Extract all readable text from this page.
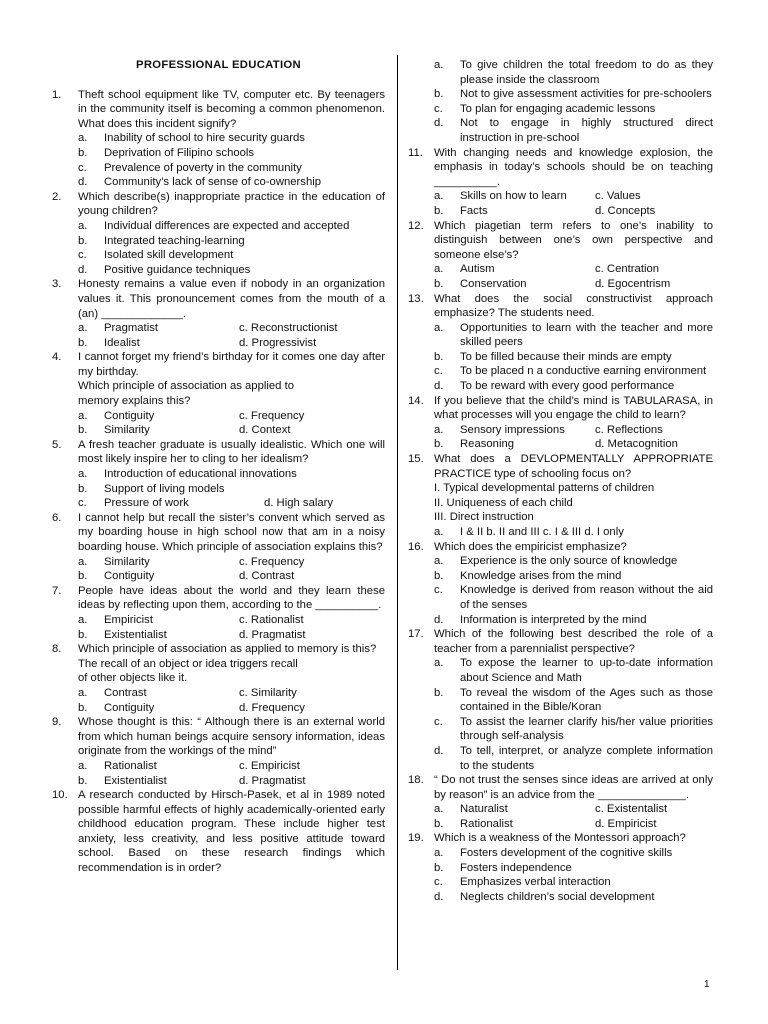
PROFESSIONAL EDUCATION
1.	Theft school equipment like TV, computer etc. By teenagers in the community itself is becoming a common phenomenon. What does this incident signify?
a. Inability of school to hire security guards
b. Deprivation of Filipino schools
c. Prevalence of poverty in the community
d. Community’s lack of sense of co-ownership
2.	Which describe(s) inappropriate practice in the education of young children?
a. Individual differences are expected and accepted
b. Integrated teaching-learning
c. Isolated skill development
d. Positive guidance techniques
3.	Honesty remains a value even if nobody in an organization values it. This pronouncement comes from the mouth of a (an) _____________.
a.	Pragmatist	c. Reconstructionist
b.	Idealist	d. Progressivist
4.	I cannot forget my friend’s birthday for it comes one day after my birthday.
Which principle of association as applied to
memory explains this?
a.	Contiguity	c. Frequency
b.	Similarity	d. Context
5.	A fresh teacher graduate is usually idealistic. Which one will most likely inspire her to cling to her idealism?
a. Introduction of educational innovations
b. Support of living models
c. Pressure of work	d. High salary
6.	I cannot help but recall the sister’s convent which served as my boarding house in high school now that am in a noisy boarding house. Which principle of association explains this?
a.	Similarity	c. Frequency
b.	Contiguity	d. Contrast
7.	People have ideas about the world and they learn these ideas by reflecting upon them, according to the __________.
a.	Empiricist	c. Rationalist
b.	Existentialist	d. Pragmatist
8.	Which principle of association as applied to memory is this?
The recall of an object or idea triggers recall
of other objects like it.
a.	Contrast	c. Similarity
b.	Contiguity	d. Frequency
9.	Whose thought is this: “ Although there is an external world from which human beings acquire sensory information, ideas originate from the workings of the mind”
a.	Rationalist	c. Empiricist
b.	Existentialist	d. Pragmatist
10. A research conducted by Hirsch-Pasek, et al in 1989 noted possible harmful effects of highly academically-oriented early childhood education program. These include higher test anxiety, less creativity, and less positive attitude toward school. Based on these research findings which recommendation is in order?
a. To give children the total freedom to do as they please inside the classroom
b. Not to give assessment activities for pre-schoolers
c. To plan for engaging academic lessons
d. Not to engage in highly structured direct instruction in pre-school
11. With changing needs and knowledge explosion, the emphasis in today’s schools should be on teaching __________.
a.	Skills on how to learn	c. Values
b.	Facts	d. Concepts
12. Which piagetian term refers to one’s inability to distinguish between one’s own perspective and someone else’s?
a.	Autism	c. Centration
b.	Conservation	d. Egocentrism
13. What does the social constructivist approach emphasize? The students need.
a. Opportunities to learn with the teacher and more skilled peers
b. To be filled because their minds are empty
c. To be placed n a conductive earning environment
d. To be reward with every good performance
14. If you believe that the child’s mind is TABULARASA, in what processes will you engage the child to learn?
a.	Sensory impressions	c. Reflections
b.	Reasoning	d. Metacognition
15. What does a DEVLOPMENTALLY APPROPRIATE PRACTICE type of schooling focus on?
I. Typical developmental patterns of children
II. Uniqueness of each child
III. Direct instruction
a. I & II b. II and III c. I & III d. I only
16. Which does the empiricist emphasize?
a. Experience is the only source of knowledge
b. Knowledge arises from the mind
c. Knowledge is derived from reason without the aid of the senses
d. Information is interpreted by the mind
17. Which of the following best described the role of a teacher from a parennialist perspective?
a. To expose the learner to up-to-date information about Science and Math
b. To reveal the wisdom of the Ages such as those contained in the Bible/Koran
c. To assist the learner clarify his/her value priorities through self-analysis
d. To tell, interpret, or analyze complete information to the students
18. “ Do not trust the senses since ideas are arrived at only by reason” is an advice from the ______________.
a.	Naturalist	c. Existentalist
b.	Rationalist	d. Empiricist
19. Which is a weakness of the Montessori approach?
a. Fosters development of the cognitive skills
b. Fosters independence
c. Emphasizes verbal interaction
d. Neglects children’s social development
1
